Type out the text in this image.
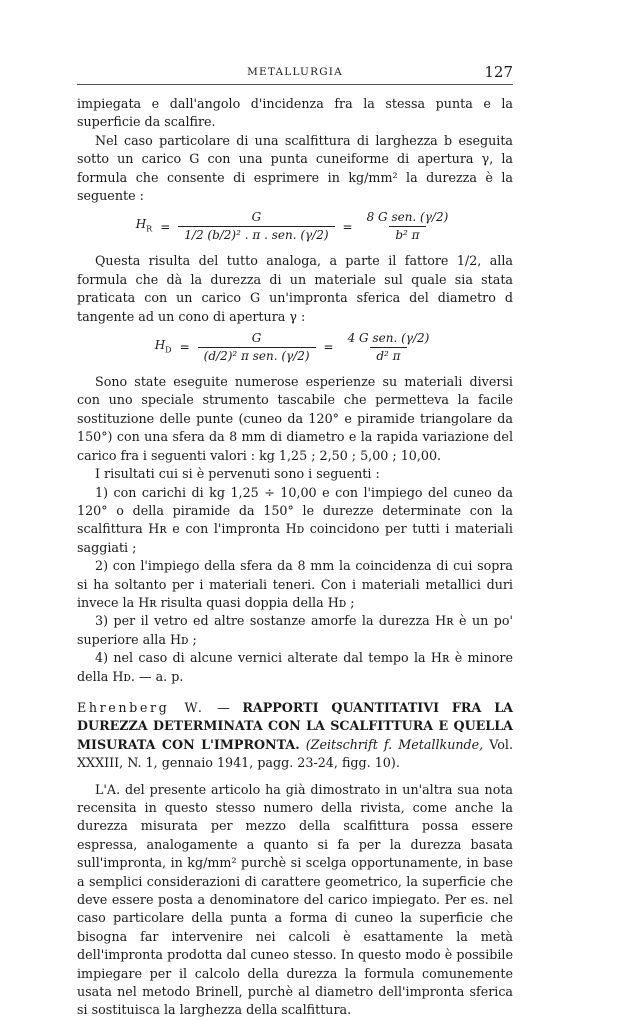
METALLURGIA	127

impiegata e dall'angolo d'incidenza fra la stessa punta e la superficie da scalfire.

Nel caso particolare di una scalfittura di larghezza b eseguita sotto un carico G con una punta cuneiforme di apertura γ, la formula che consente di esprimere in kg/mm² la durezza è la seguente :

$H_R = \frac{G}{\text{1/2 (b/2)² . π . sen. (γ/2)}} = \frac{\text{8 G sen. (γ/2)}}{\text{b² π}}$

Questa risulta del tutto analoga, a parte il fattore 1/2, alla formula che dà la durezza di un materiale sul quale sia stata praticata con un carico G un'impronta sferica del diametro d tangente ad un cono di apertura γ :

$H_D = \frac{G}{\text{(d/2)² π sen. (γ/2)}} = \frac{\text{4 G sen. (γ/2)}}{\text{d² π}}$

Sono state eseguite numerose esperienze su materiali diversi con uno speciale strumento tascabile che permetteva la facile sostituzione delle punte (cuneo da 120° e piramide triangolare da 150°) con una sfera da 8 mm di diametro e la rapida variazione del carico fra i seguenti valori : kg 1,25 ; 2,50 ; 5,00 ; 10,00.

I risultati cui si è pervenuti sono i seguenti :

1) con carichi di kg 1,25 ÷ 10,00 e con l'impiego del cuneo da 120° o della piramide da 150° le durezze determinate con la scalfittura Hʀ e con l'impronta Hᴅ coincidono per tutti i materiali saggiati ;

2) con l'impiego della sfera da 8 mm la coincidenza di cui sopra si ha soltanto per i materiali teneri. Con i materiali metallici duri invece la Hʀ risulta quasi doppia della Hᴅ ;

3) per il vetro ed altre sostanze amorfe la durezza Hʀ è un po' superiore alla Hᴅ ;

4) nel caso di alcune vernici alterate dal tempo la Hʀ è minore della Hᴅ. — a. p.

Ehrenberg W. — RAPPORTI QUANTITATIVI FRA LA DUREZZA DETERMINATA CON LA SCALFITTURA E QUELLA MISURATA CON L'IMPRONTA. (Zeitschrift f. Metallkunde, Vol. XXXIII, N. 1, gennaio 1941, pagg. 23-24, figg. 10).

L'A. del presente articolo ha già dimostrato in un'altra sua nota recensita in questo stesso numero della rivista, come anche la durezza misurata per mezzo della scalfittura possa essere espressa, analogamente a quanto si fa per la durezza basata sull'impronta, in kg/mm² purchè si scelga opportunamente, in base a semplici considerazioni di carattere geometrico, la superficie che deve essere posta a denominatore del carico impiegato. Per es. nel caso particolare della punta a forma di cuneo la superficie che bisogna far intervenire nei calcoli è esattamente la metà dell'impronta prodotta dal cuneo stesso. In questo modo è possibile impiegare per il calcolo della durezza la formula comunemente usata nel metodo Brinell, purchè al diametro dell'impronta sferica si sostituisca la larghezza della scalfittura.
